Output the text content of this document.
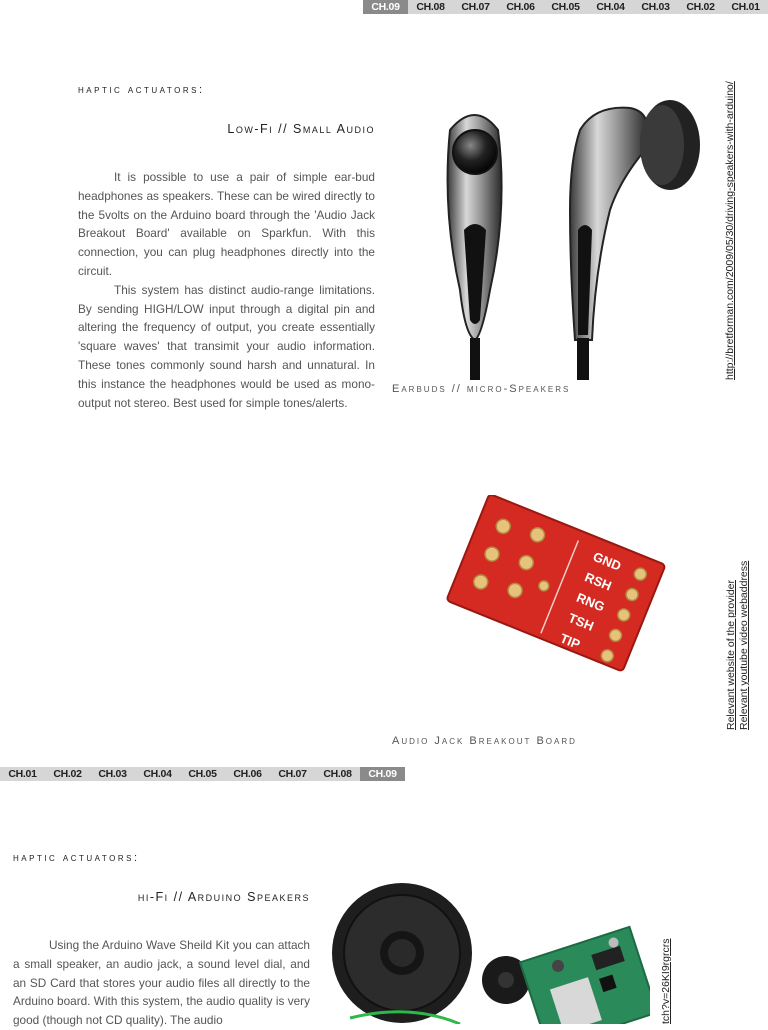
CH.09	CH.08	CH.07	CH.06	CH.05	CH.04	CH.03	CH.02	CH.01
haptic actuators:
Low-Fi // Small Audio

It is possible to use a pair of simple ear-bud headphones as speakers. These can be wired directly to the 5volts on the Arduino board through the 'Audio Jack Breakout Board' available on Sparkfun. With this connection, you can plug headphones directly into the circuit.

This system has distinct audio-range limitations. By sending HIGH/LOW input through a digital pin and altering the frequency of output, you create essentially 'square waves' that transimit your audio information. These tones commonly sound harsh and unnatural. In this instance the headphones would be used as mono-output not stereo. Best used for simple tones/alerts.

Earbuds // micro-Speakers
GND
RSH
RNG
TSH
TIP
Audio Jack Breakout Board
http://bretforman.com/2009/05/30/driving-speakers-with-arduino/
Relevant website of the provider Relevant youtube video webaddress
CH.01	CH.02	CH.03	CH.04	CH.05	CH.06	CH.07	CH.08	CH.09
haptic actuators:
hi-Fi // Arduino Speakers

Using the Arduino Wave Sheild Kit you can attach a small speaker, an audio jack, a sound level dial, and an SD Card that stores your audio files all directly to the Arduino board. With this system, the audio quality is very good (though not CD quality). The audio	tch?v=26KI9rgrcrs
